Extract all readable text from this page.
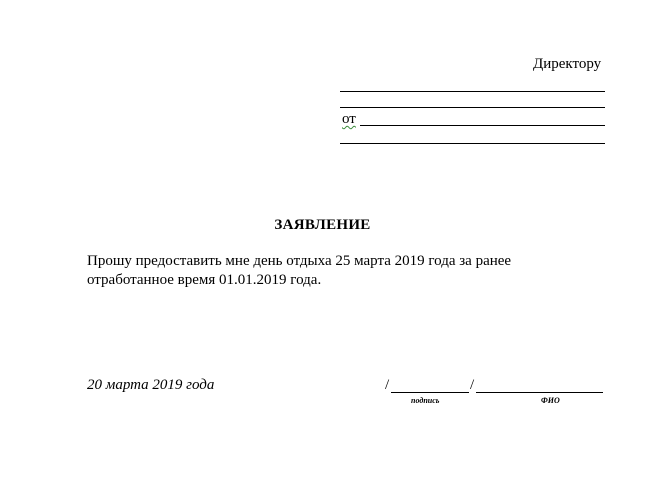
Директору
от
ЗАЯВЛЕНИЕ

Прошу предоставить мне день отдыха 25 марта 2019 года за ранее

отработанное время 01.01.2019 года.

20 марта 2019 года	/	/
подпись	ФИО
